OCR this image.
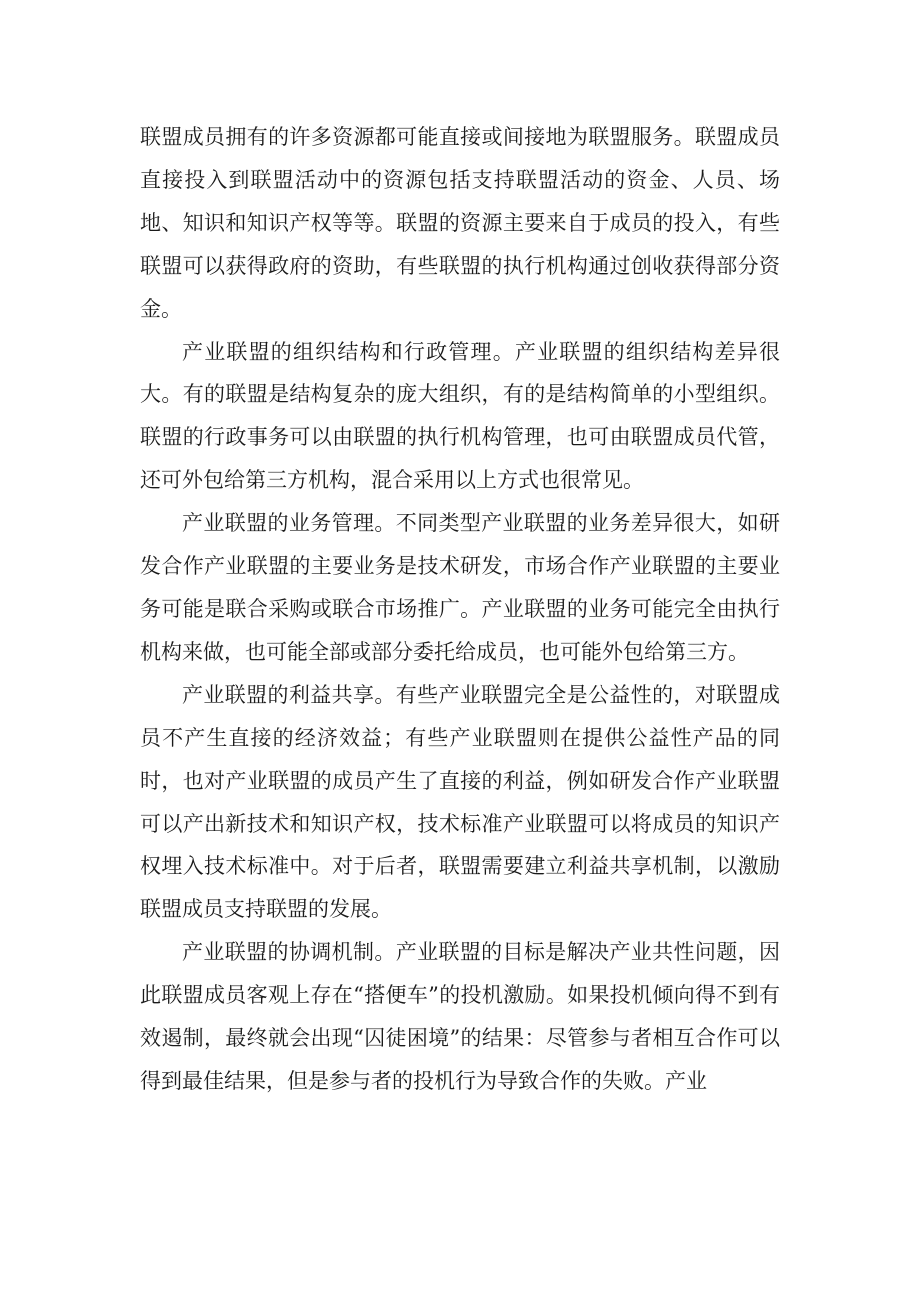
联盟成员拥有的许多资源都可能直接或间接地为联盟服务。联盟成员直接投入到联盟活动中的资源包括支持联盟活动的资金、人员、场地、知识和知识产权等等。联盟的资源主要来自于成员的投入，有些联盟可以获得政府的资助，有些联盟的执行机构通过创收获得部分资金。

产业联盟的组织结构和行政管理。产业联盟的组织结构差异很大。有的联盟是结构复杂的庞大组织，有的是结构简单的小型组织。联盟的行政事务可以由联盟的执行机构管理，也可由联盟成员代管，还可外包给第三方机构，混合采用以上方式也很常见。

产业联盟的业务管理。不同类型产业联盟的业务差异很大，如研发合作产业联盟的主要业务是技术研发，市场合作产业联盟的主要业务可能是联合采购或联合市场推广。产业联盟的业务可能完全由执行机构来做，也可能全部或部分委托给成员，也可能外包给第三方。

产业联盟的利益共享。有些产业联盟完全是公益性的，对联盟成员不产生直接的经济效益；有些产业联盟则在提供公益性产品的同时，也对产业联盟的成员产生了直接的利益，例如研发合作产业联盟可以产出新技术和知识产权，技术标准产业联盟可以将成员的知识产权埋入技术标准中。对于后者，联盟需要建立利益共享机制，以激励联盟成员支持联盟的发展。

产业联盟的协调机制。产业联盟的目标是解决产业共性问题，因此联盟成员客观上存在“搭便车”的投机激励。如果投机倾向得不到有效遏制，最终就会出现“囚徒困境”的结果：尽管参与者相互合作可以得到最佳结果，但是参与者的投机行为导致合作的失败。产业
